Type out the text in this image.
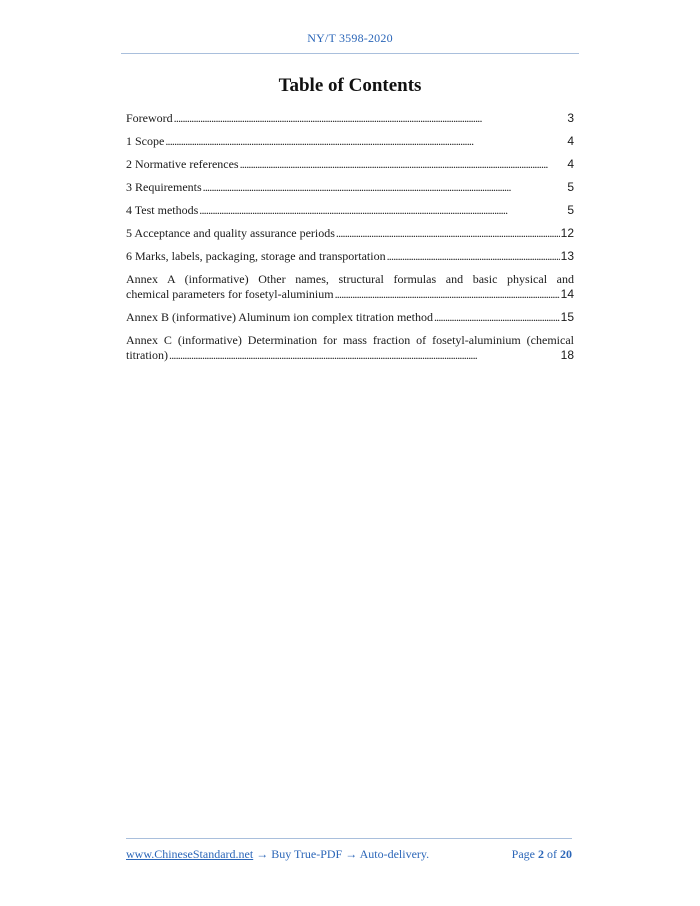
NY/T 3598-2020
Table of Contents
Foreword . . .	3
1 Scope . . .	4
2 Normative references . . .	4
3 Requirements . . .	5
4 Test methods . . .	5
5 Acceptance and quality assurance periods . . .	12
6 Marks, labels, packaging, storage and transportation . . .	13
Annex A (informative) Other names, structural formulas and basic physical and
chemical parameters for fosetyl-aluminium . . .	14
Annex B (informative) Aluminum ion complex titration method . . .	15
Annex C (informative) Determination for mass fraction of fosetyl-aluminium (chemical
titration) . . .	18
www.ChineseStandard.net → Buy True-PDF → Auto-delivery.	Page 2 of 20
